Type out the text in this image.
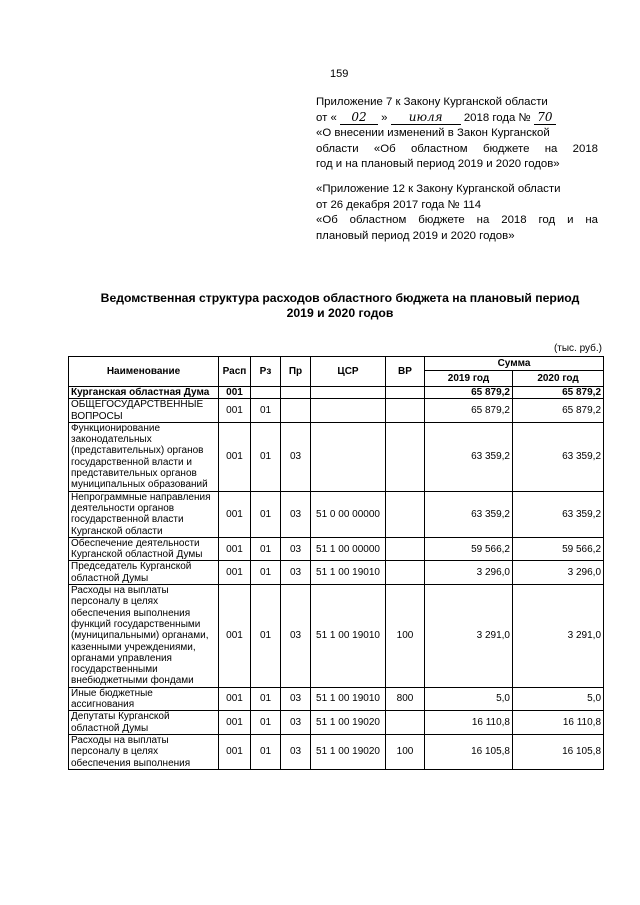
159
Приложение 7 к Закону Курганской области
от « 02 » июля 2018 года № 70
«О внесении изменений в Закон Курганской
области «Об областном бюджете на 2018
год и на плановый период 2019 и 2020 годов»
«Приложение 12 к Закону Курганской области
от 26 декабря 2017 года № 114
«Об областном бюджете на 2018 год и на
плановый период 2019 и 2020 годов»
Ведомственная структура расходов областного бюджета на плановый период
2019 и 2020 годов
(тыс. руб.)
Наименование	Расп	Рз	Пр	ЦСР	ВР	Сумма	
						2019 год	2020 год
Курганская областная Дума	001					65 879,2	65 879,2
ОБЩЕГОСУДАРСТВЕННЫЕ ВОПРОСЫ	001	01				65 879,2	65 879,2
Функционирование законодательных (представительных) органов государственной власти и представительных органов муниципальных образований	001	01	03			63 359,2	63 359,2
Непрограммные направления деятельности органов государственной власти Курганской области	001	01	03	51 0 00 00000		63 359,2	63 359,2
Обеспечение деятельности Курганской областной Думы	001	01	03	51 1 00 00000		59 566,2	59 566,2
Председатель Курганской областной Думы	001	01	03	51 1 00 19010		3 296,0	3 296,0
Расходы на выплаты персоналу в целях обеспечения выполнения функций государственными (муниципальными) органами, казенными учреждениями, органами управления государственными внебюджетными фондами	001	01	03	51 1 00 19010	100	3 291,0	3 291,0
Иные бюджетные ассигнования	001	01	03	51 1 00 19010	800	5,0	5,0
Депутаты Курганской областной Думы	001	01	03	51 1 00 19020		16 110,8	16 110,8
Расходы на выплаты персоналу в целях обеспечения выполнения	001	01	03	51 1 00 19020	100	16 105,8	16 105,8
